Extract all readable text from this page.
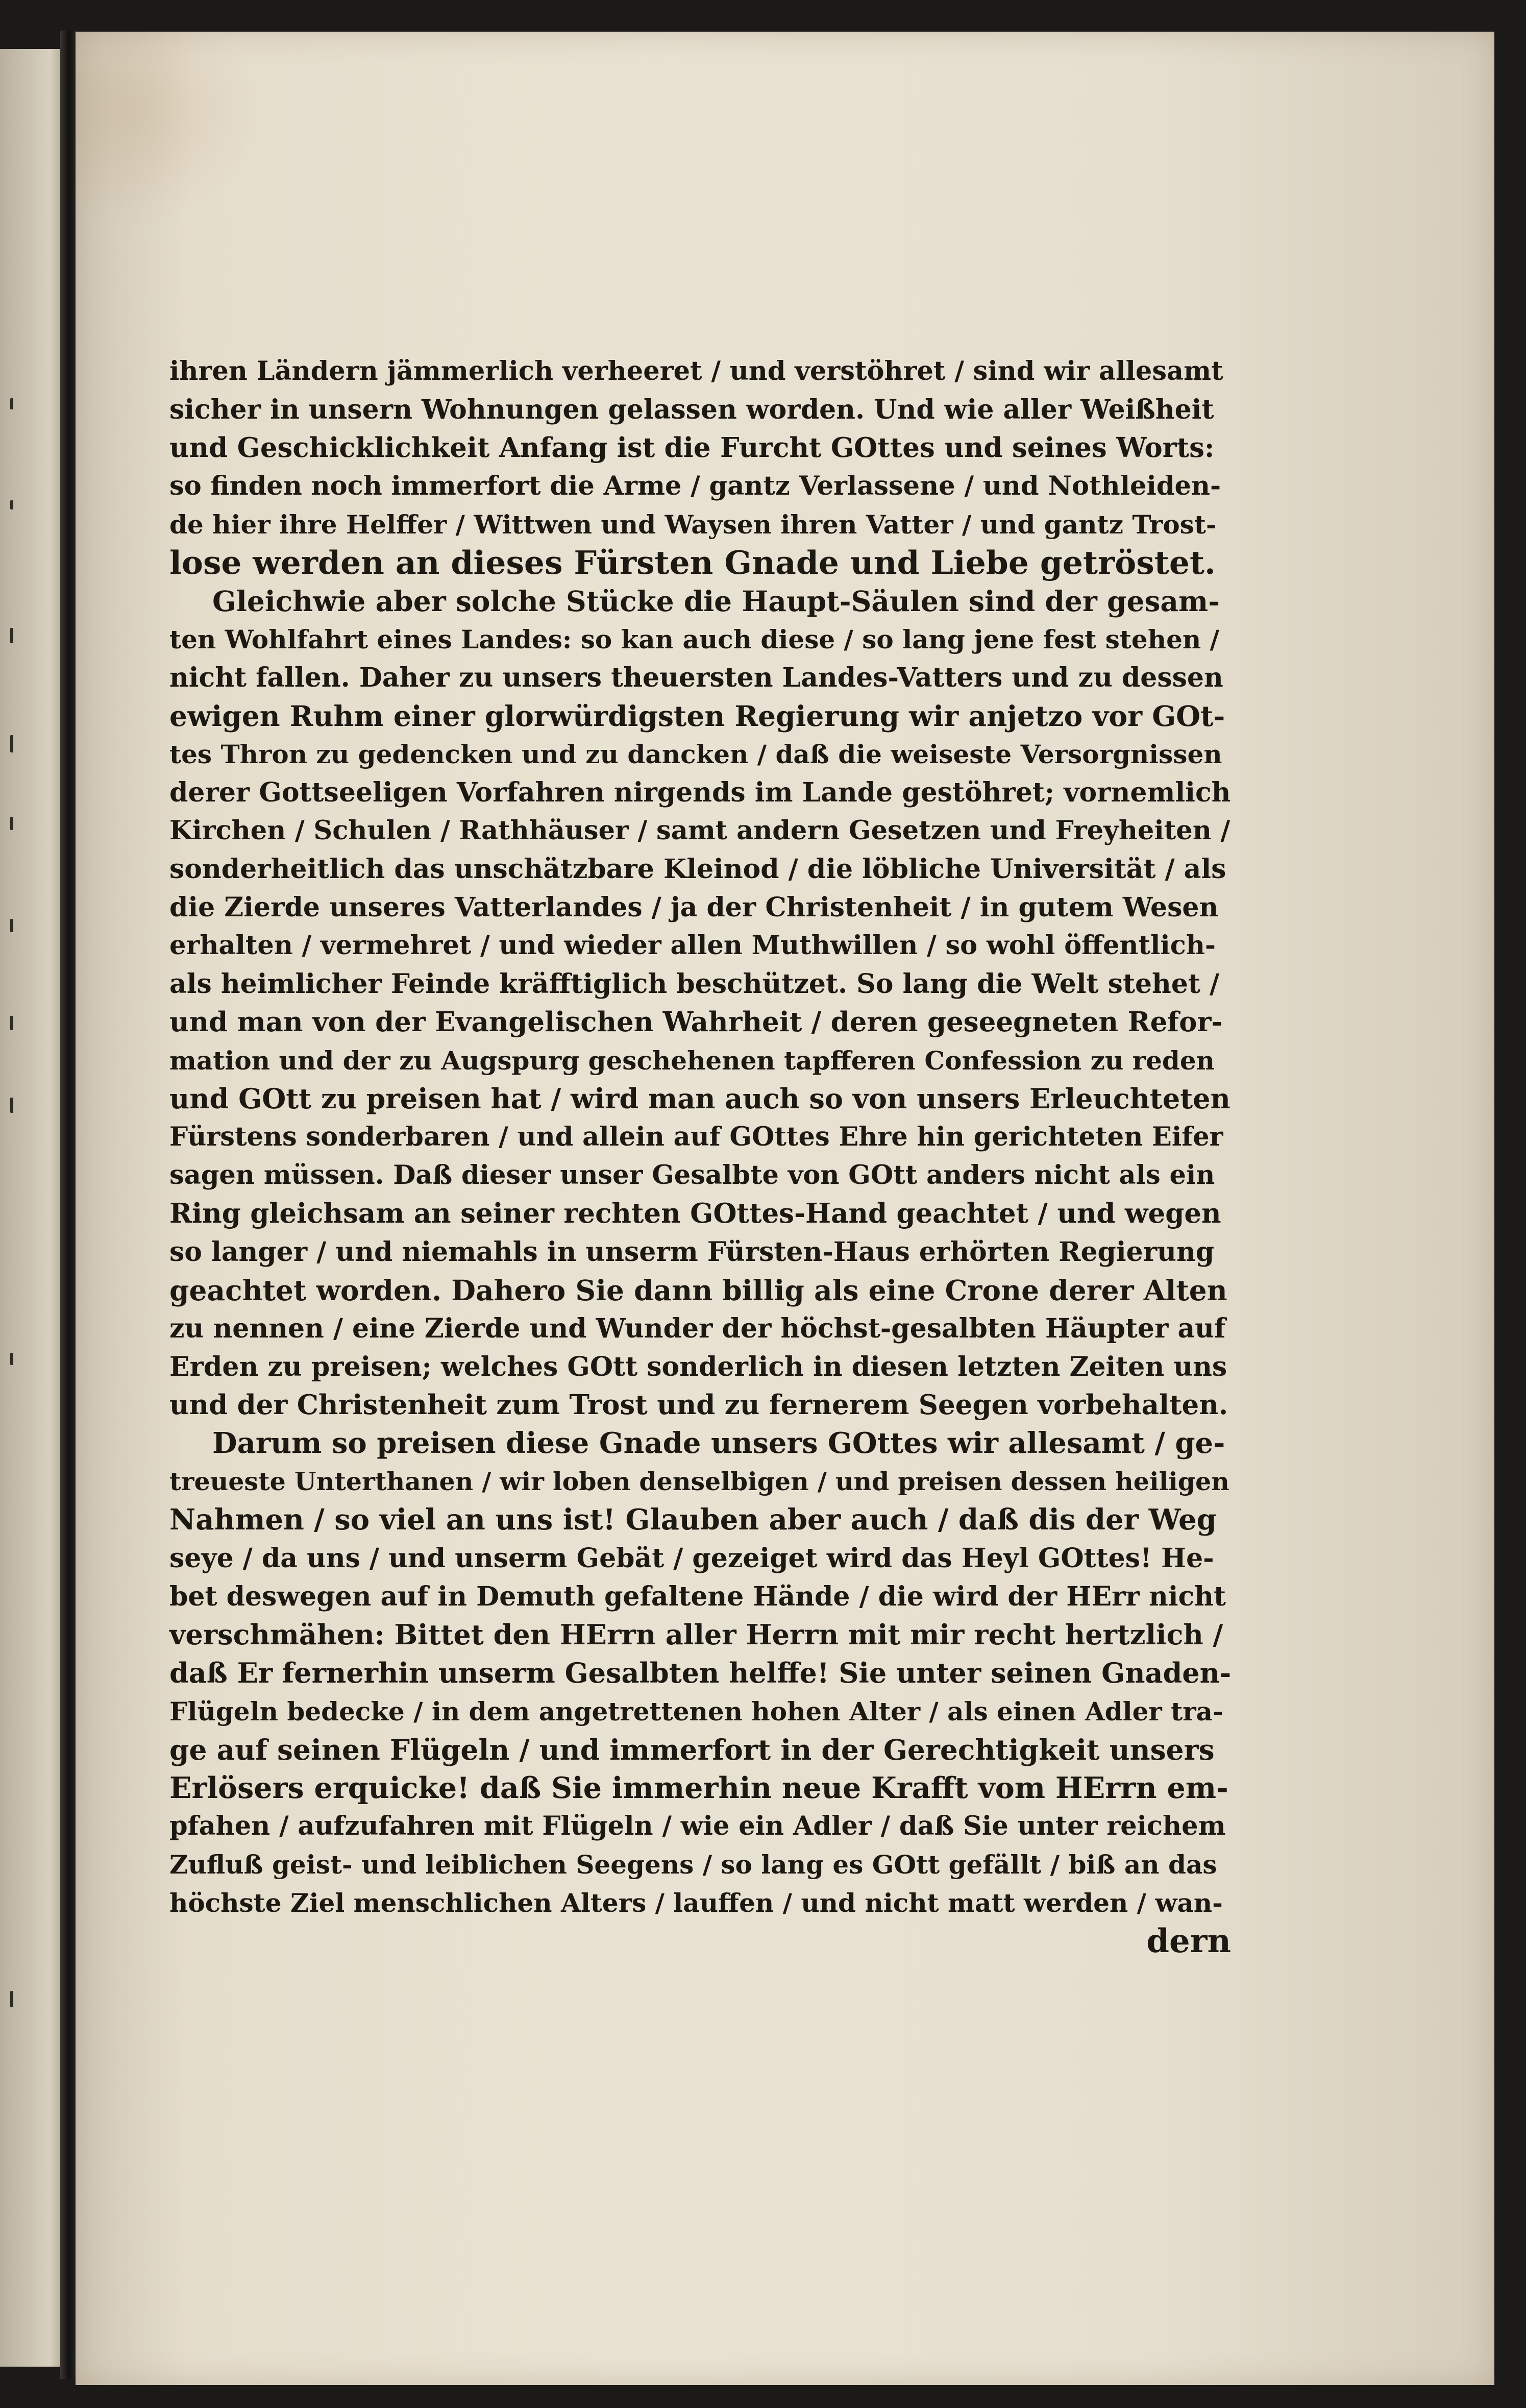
ihren Ländern jämmerlich verheeret / und verstöhret / sind wir allesamt
sicher in unsern Wohnungen gelassen worden. Und wie aller Weißheit
und Geschicklichkeit Anfang ist die Furcht GOttes und seines Worts:
so finden noch immerfort die Arme / gantz Verlassene / und Nothleiden-
de hier ihre Helffer / Wittwen und Waysen ihren Vatter / und gantz Trost-
lose werden an dieses Fürsten Gnade und Liebe getröstet.
Gleichwie aber solche Stücke die Haupt-Säulen sind der gesam-
ten Wohlfahrt eines Landes: so kan auch diese / so lang jene fest stehen /
nicht fallen. Daher zu unsers theuersten Landes-Vatters und zu dessen
ewigen Ruhm einer glorwürdigsten Regierung wir anjetzo vor GOt-
tes Thron zu gedencken und zu dancken / daß die weiseste Versorgnissen
derer Gottseeligen Vorfahren nirgends im Lande gestöhret; vornemlich
Kirchen / Schulen / Rathhäuser / samt andern Gesetzen und Freyheiten /
sonderheitlich das unschätzbare Kleinod / die löbliche Universität / als
die Zierde unseres Vatterlandes / ja der Christenheit / in gutem Wesen
erhalten / vermehret / und wieder allen Muthwillen / so wohl öffentlich-
als heimlicher Feinde kräfftiglich beschützet. So lang die Welt stehet /
und man von der Evangelischen Wahrheit / deren geseegneten Refor-
mation und der zu Augspurg geschehenen tapfferen Confession zu reden
und GOtt zu preisen hat / wird man auch so von unsers Erleuchteten
Fürstens sonderbaren / und allein auf GOttes Ehre hin gerichteten Eifer
sagen müssen. Daß dieser unser Gesalbte von GOtt anders nicht als ein
Ring gleichsam an seiner rechten GOttes-Hand geachtet / und wegen
so langer / und niemahls in unserm Fürsten-Haus erhörten Regierung
geachtet worden. Dahero Sie dann billig als eine Crone derer Alten
zu nennen / eine Zierde und Wunder der höchst-gesalbten Häupter auf
Erden zu preisen; welches GOtt sonderlich in diesen letzten Zeiten uns
und der Christenheit zum Trost und zu fernerem Seegen vorbehalten.
Darum so preisen diese Gnade unsers GOttes wir allesamt / ge-
treueste Unterthanen / wir loben denselbigen / und preisen dessen heiligen
Nahmen / so viel an uns ist! Glauben aber auch / daß dis der Weg
seye / da uns / und unserm Gebät / gezeiget wird das Heyl GOttes! He-
bet deswegen auf in Demuth gefaltene Hände / die wird der HErr nicht
verschmähen: Bittet den HErrn aller Herrn mit mir recht hertzlich /
daß Er fernerhin unserm Gesalbten helffe! Sie unter seinen Gnaden-
Flügeln bedecke / in dem angetrettenen hohen Alter / als einen Adler tra-
ge auf seinen Flügeln / und immerfort in der Gerechtigkeit unsers
Erlösers erquicke! daß Sie immerhin neue Krafft vom HErrn em-
pfahen / aufzufahren mit Flügeln / wie ein Adler / daß Sie unter reichem
Zufluß geist- und leiblichen Seegens / so lang es GOtt gefällt / biß an das
höchste Ziel menschlichen Alters / lauffen / und nicht matt werden / wan-
dern
